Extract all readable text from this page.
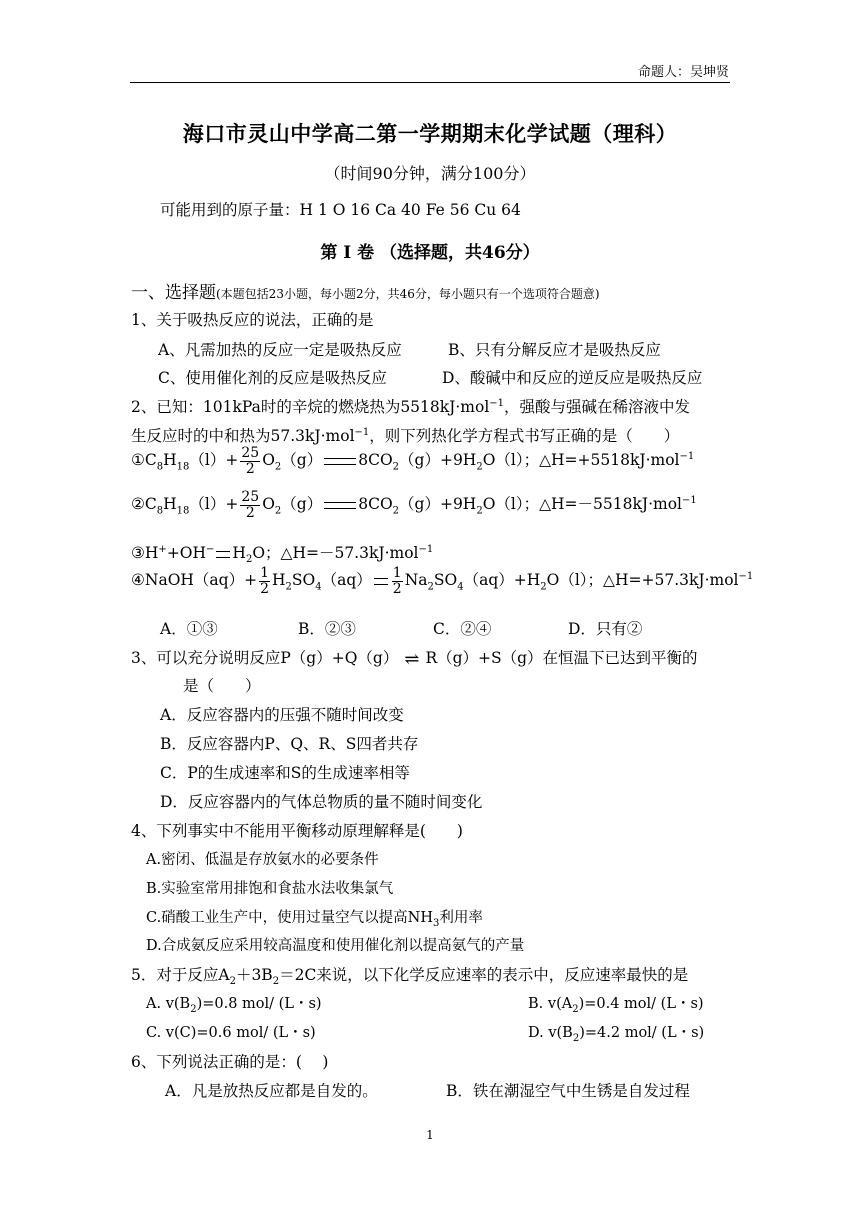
命题人：吴坤贤
海口市灵山中学高二第一学期期末化学试题（理科）
（时间90分钟，满分100分）
可能用到的原子量：H 1 O 16 Ca 40 Fe 56 Cu 64
第 Ⅰ 卷 （选择题，共46分）
一、选择题(本题包括23小题，每小题2分，共46分，每小题只有一个选项符合题意)
1、关于吸热反应的说法，正确的是
A、凡需加热的反应一定是吸热反应	B、只有分解反应才是吸热反应
C、使用催化剂的反应是吸热反应	D、酸碱中和反应的逆反应是吸热反应
2、已知：101kPa时的辛烷的燃烧热为5518kJ·mol$^{-1}$，强酸与强碱在稀溶液中发
生反应时的中和热为57.3kJ·mol$^{-1}$，则下列热化学方程式书写正确的是（　　）
$①C_8H_{18}(l)+ \frac{25}{2} O_2(g)$ $8CO_2(g)+9H_2O(l)$；△H=+5518kJ·mol$^{-1}$
$②C_8H_{18}(l)+ \frac{25}{2} O_2(g)$ $8CO_2(g)+9H_2O(l)$；△H=－5518kJ·mol$^{-1}$
③H++OH− $H_2O$；△H=－57.3kJ·mol$^{-1}$
④NaOH（aq）+ $\frac{1}{2} H_2SO_4(aq) \frac{1}{2} Na_2SO_4(aq)+H_2O(l)$；△H=+57.3kJ·mol$^{-1}$
A．①③	B．②③	C．②④	D．只有②
3、可以充分说明反应P（g）+Q（g） ⇌ R（g）+S（g）在恒温下已达到平衡的
是（　　）
A．反应容器内的压强不随时间改变
B．反应容器内P、Q、R、S四者共存
C．P的生成速率和S的生成速率相等
D．反应容器内的气体总物质的量不随时间变化
4、下列事实中不能用平衡移动原理解释是(　　)
A.密闭、低温是存放氨水的必要条件
B.实验室常用排饱和食盐水法收集氯气
C.硝酸工业生产中，使用过量空气以提高$NH_3$利用率
D.合成氨反应采用较高温度和使用催化剂以提高氨气的产量
5．对于反应$A_2+3B_2=2C$来说，以下化学反应速率的表示中，反应速率最快的是
A. $v(B_2)=0.8$ mol/ (L・s)	B. $v(A_2)=0.4$ mol/ (L・s)
C. v(C)=0.6 mol/ (L・s)	D. $v(B_2)=4.2$ mol/ (L・s)
6、下列说法正确的是：(　 )
A．凡是放热反应都是自发的。	B．铁在潮湿空气中生锈是自发过程
1
